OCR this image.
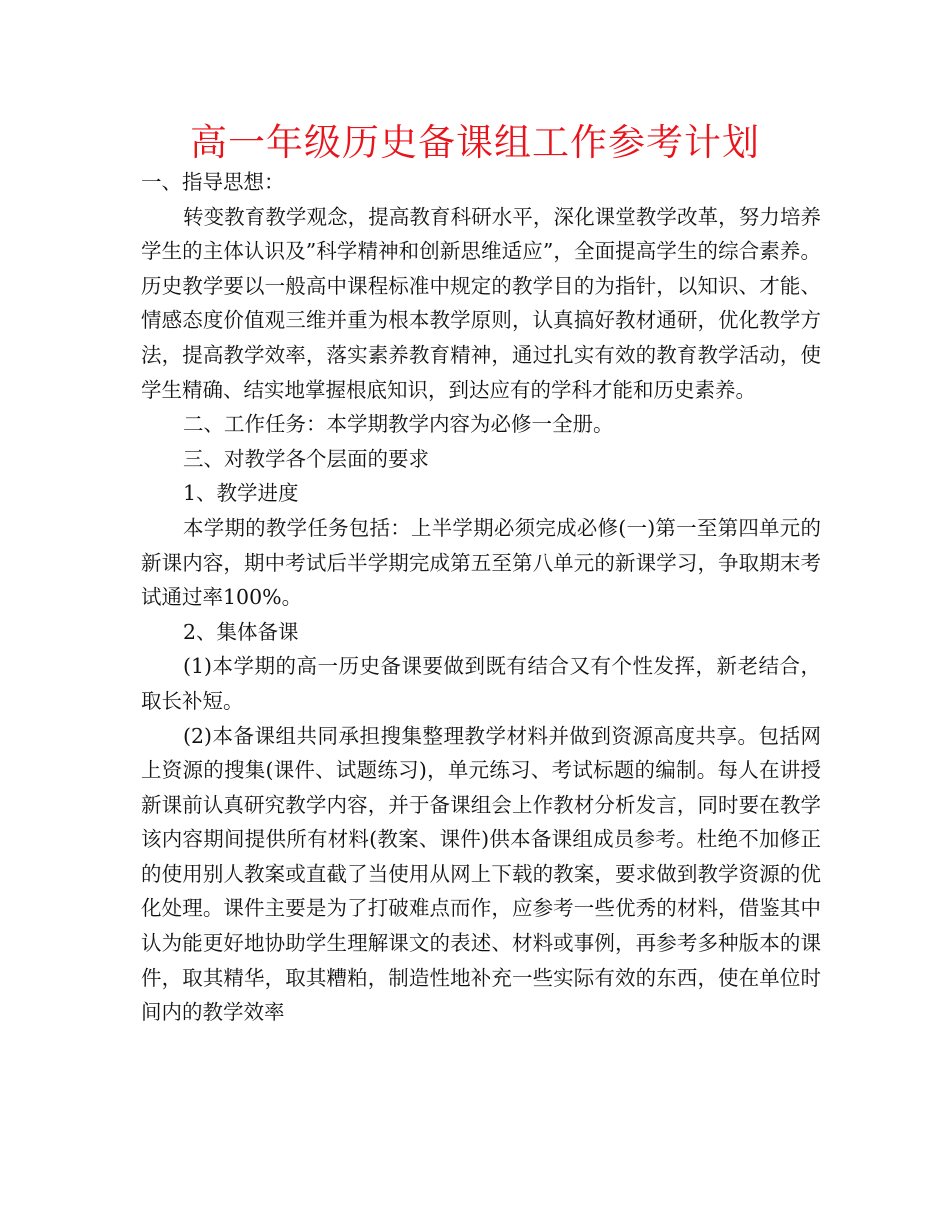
高一年级历史备课组工作参考计划

一、指导思想：

转变教育教学观念，提高教育科研水平，深化课堂教学改革，努力培养学生的主体认识及”科学精神和创新思维适应”，全面提高学生的综合素养。历史教学要以一般高中课程标准中规定的教学目的为指针，以知识、才能、情感态度价值观三维并重为根本教学原则，认真搞好教材通研，优化教学方法，提高教学效率，落实素养教育精神，通过扎实有效的教育教学活动，使学生精确、结实地掌握根底知识，到达应有的学科才能和历史素养。

二、工作任务：本学期教学内容为必修一全册。

三、对教学各个层面的要求

1、教学进度

本学期的教学任务包括：上半学期必须完成必修(一)第一至第四单元的新课内容，期中考试后半学期完成第五至第八单元的新课学习，争取期末考试通过率100%。

2、集体备课

(1)本学期的高一历史备课要做到既有结合又有个性发挥，新老结合，取长补短。

(2)本备课组共同承担搜集整理教学材料并做到资源高度共享。包括网上资源的搜集(课件、试题练习)，单元练习、考试标题的编制。每人在讲授新课前认真研究教学内容，并于备课组会上作教材分析发言，同时要在教学该内容期间提供所有材料(教案、课件)供本备课组成员参考。杜绝不加修正的使用别人教案或直截了当使用从网上下载的教案，要求做到教学资源的优化处理。课件主要是为了打破难点而作，应参考一些优秀的材料，借鉴其中认为能更好地协助学生理解课文的表述、材料或事例，再参考多种版本的课件，取其精华，取其糟粕，制造性地补充一些实际有效的东西，使在单位时间内的教学效率
